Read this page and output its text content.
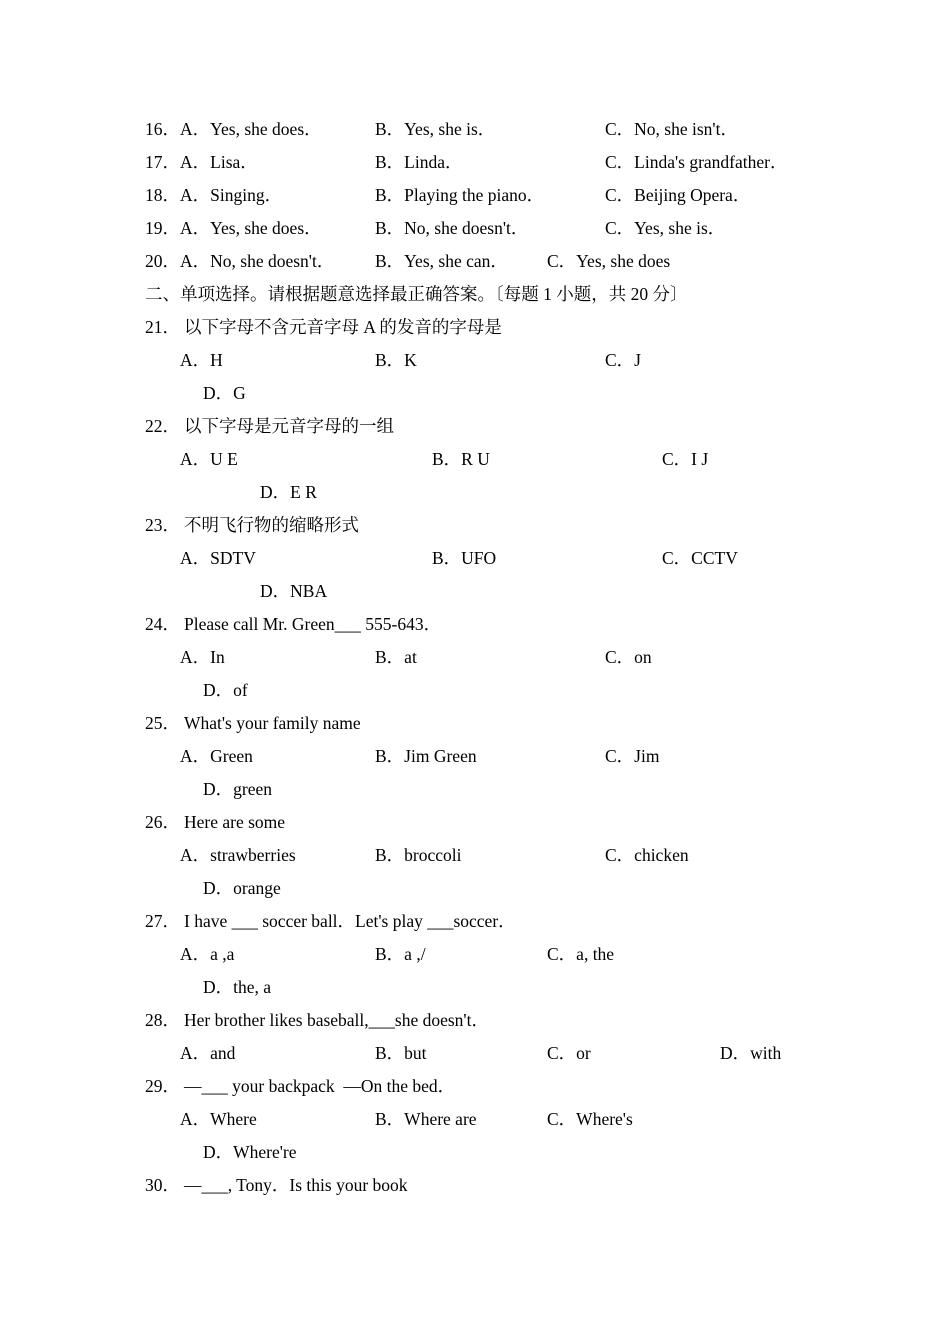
16．

A．Yes, she does．

	B．Yes, she is．

	C．No, she isn't．

17．

A．Lisa．

	B．Linda．

	C．Linda's grandfather．

18．

A．Singing．

	B．Playing the piano．

	C．Beijing Opera．

19．

A．Yes, she does．

	B．No, she doesn't．

	C．Yes, she is．

20．

A．No, she doesn't．

B．Yes, she can．

C．Yes, she does

二、单项选择。请根据题意选择最正确答案。〔每题 1 小题，共 20 分〕

21．

以下字母不含元音字母 A 的发音的字母是

A．H

	B．K

	C．J

D．G

22．

以下字母是元音字母的一组

A．U E

	B．R U

	C．I J

D．E R

23．

不明飞行物的缩略形式

A．SDTV

	B．UFO

	C．CCTV

D．NBA

24．

Please call Mr. Green___ 555-643．

A．In

	B．at

	C．on

D．of

25．

What's your family name

A．Green

	B．Jim Green

	C．Jim

D．green

26．

Here are some

A．strawberries

	B．broccoli

	C．chicken

D．orange

27．

I have ___ soccer ball．Let's play ___soccer．

A．a ,a

	B．a ,/

	C．a, the

D．the, a

28．

Her brother likes baseball,___she doesn't．

A．and

	B．but

	C．or

	D．with

29．

—___ your backpack  —On the bed．

A．Where

	B．Where are

	C．Where's

D．Where're

30．

—___, Tony．Is this your book
